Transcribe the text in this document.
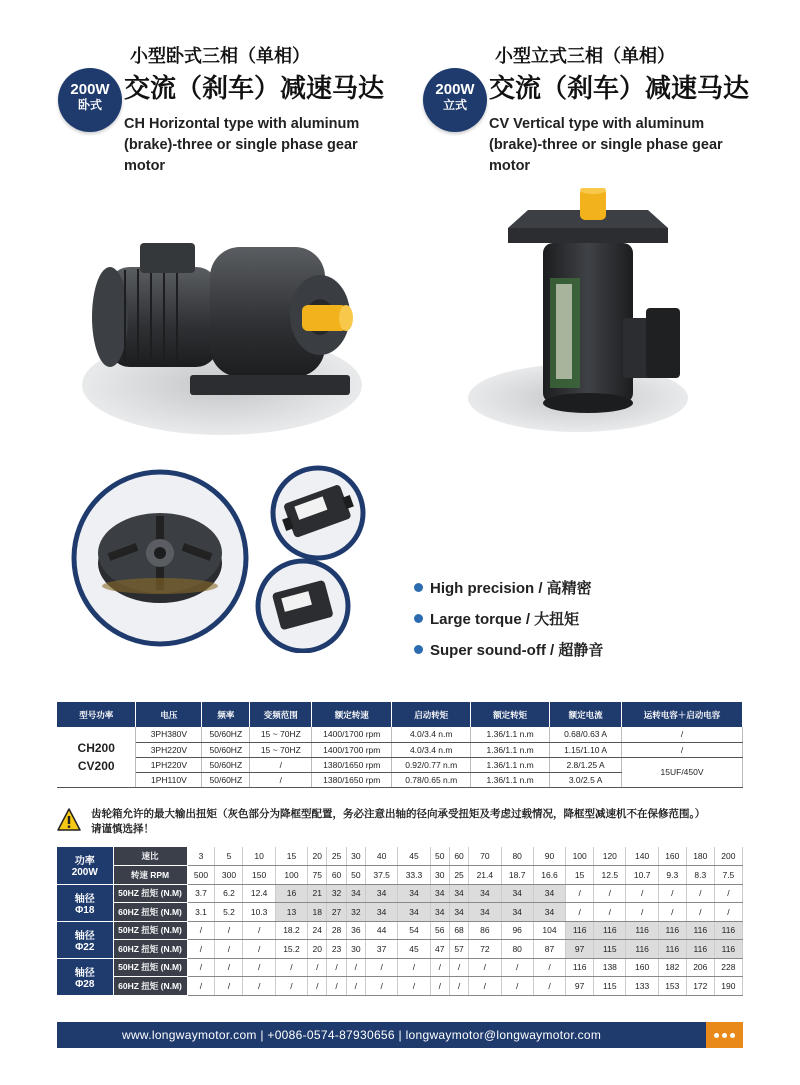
200W
卧式
小型卧式三相（单相）
交流（刹车）减速马达
CH Horizontal type with aluminum (brake)-three or single phase gear motor
200W
立式
小型立式三相（单相）
交流（刹车）减速马达
CV Vertical type with aluminum (brake)-three or single phase gear motor
High precision / 高精密
Large torque / 大扭矩
Super sound-off / 超静音
型号功率	电压	频率	变频范围	额定转速	启动转矩	额定转矩	额定电流	运转电容＋启动电容

CH200
CV200	3PH380V	50/60HZ	15 ~ 70HZ	1400/1700 rpm	4.0/3.4 n.m	1.36/1.1 n.m	0.68/0.63 A	/
	3PH220V	50/60HZ	15 ~ 70HZ	1400/1700 rpm	4.0/3.4 n.m	1.36/1.1 n.m	1.15/1.10 A	/
	1PH220V	50/60HZ	/	1380/1650 rpm	0.92/0.77 n.m	1.36/1.1 n.m	2.8/1.25 A	15UF/450V
	1PH110V	50/60HZ	/	1380/1650 rpm	0.78/0.65 n.m	1.36/1.1 n.m	3.0/2.5 A	
齿轮箱允许的最大输出扭矩（灰色部分为降框型配置，务必注意出轴的径向承受扭矩及考虑过载情况，降框型减速机不在保修范围。）
请谨慎选择！
功率
200W	速比	3	5	10	15	20	25	30	40	45	50	60	70	80	90	100	120	140	160	180	200
	转速 RPM	500	300	150	100	75	60	50	37.5	33.3	30	25	21.4	18.7	16.6	15	12.5	10.7	9.3	8.3	7.5

轴径
Φ18	50HZ 扭矩 (N.M)	3.7	6.2	12.4	16	21	32	34	34	34	34	34	34	34	34	/	/	/	/	/	/
	60HZ 扭矩 (N.M)	3.1	5.2	10.3	13	18	27	32	34	34	34	34	34	34	34	/	/	/	/	/	/

轴径
Φ22	50HZ 扭矩 (N.M)	/	/	/	18.2	24	28	36	44	54	56	68	86	96	104	116	116	116	116	116	116
	60HZ 扭矩 (N.M)	/	/	/	15.2	20	23	30	37	45	47	57	72	80	87	97	115	116	116	116	116

轴径
Φ28	50HZ 扭矩 (N.M)	/	/	/	/	/	/	/	/	/	/	/	/	/	/	116	138	160	182	206	228
	60HZ 扭矩 (N.M)	/	/	/	/	/	/	/	/	/	/	/	/	/	/	97	115	133	153	172	190
www.longwaymotor.com | +0086-0574-87930656 | longwaymotor@longwaymotor.com
